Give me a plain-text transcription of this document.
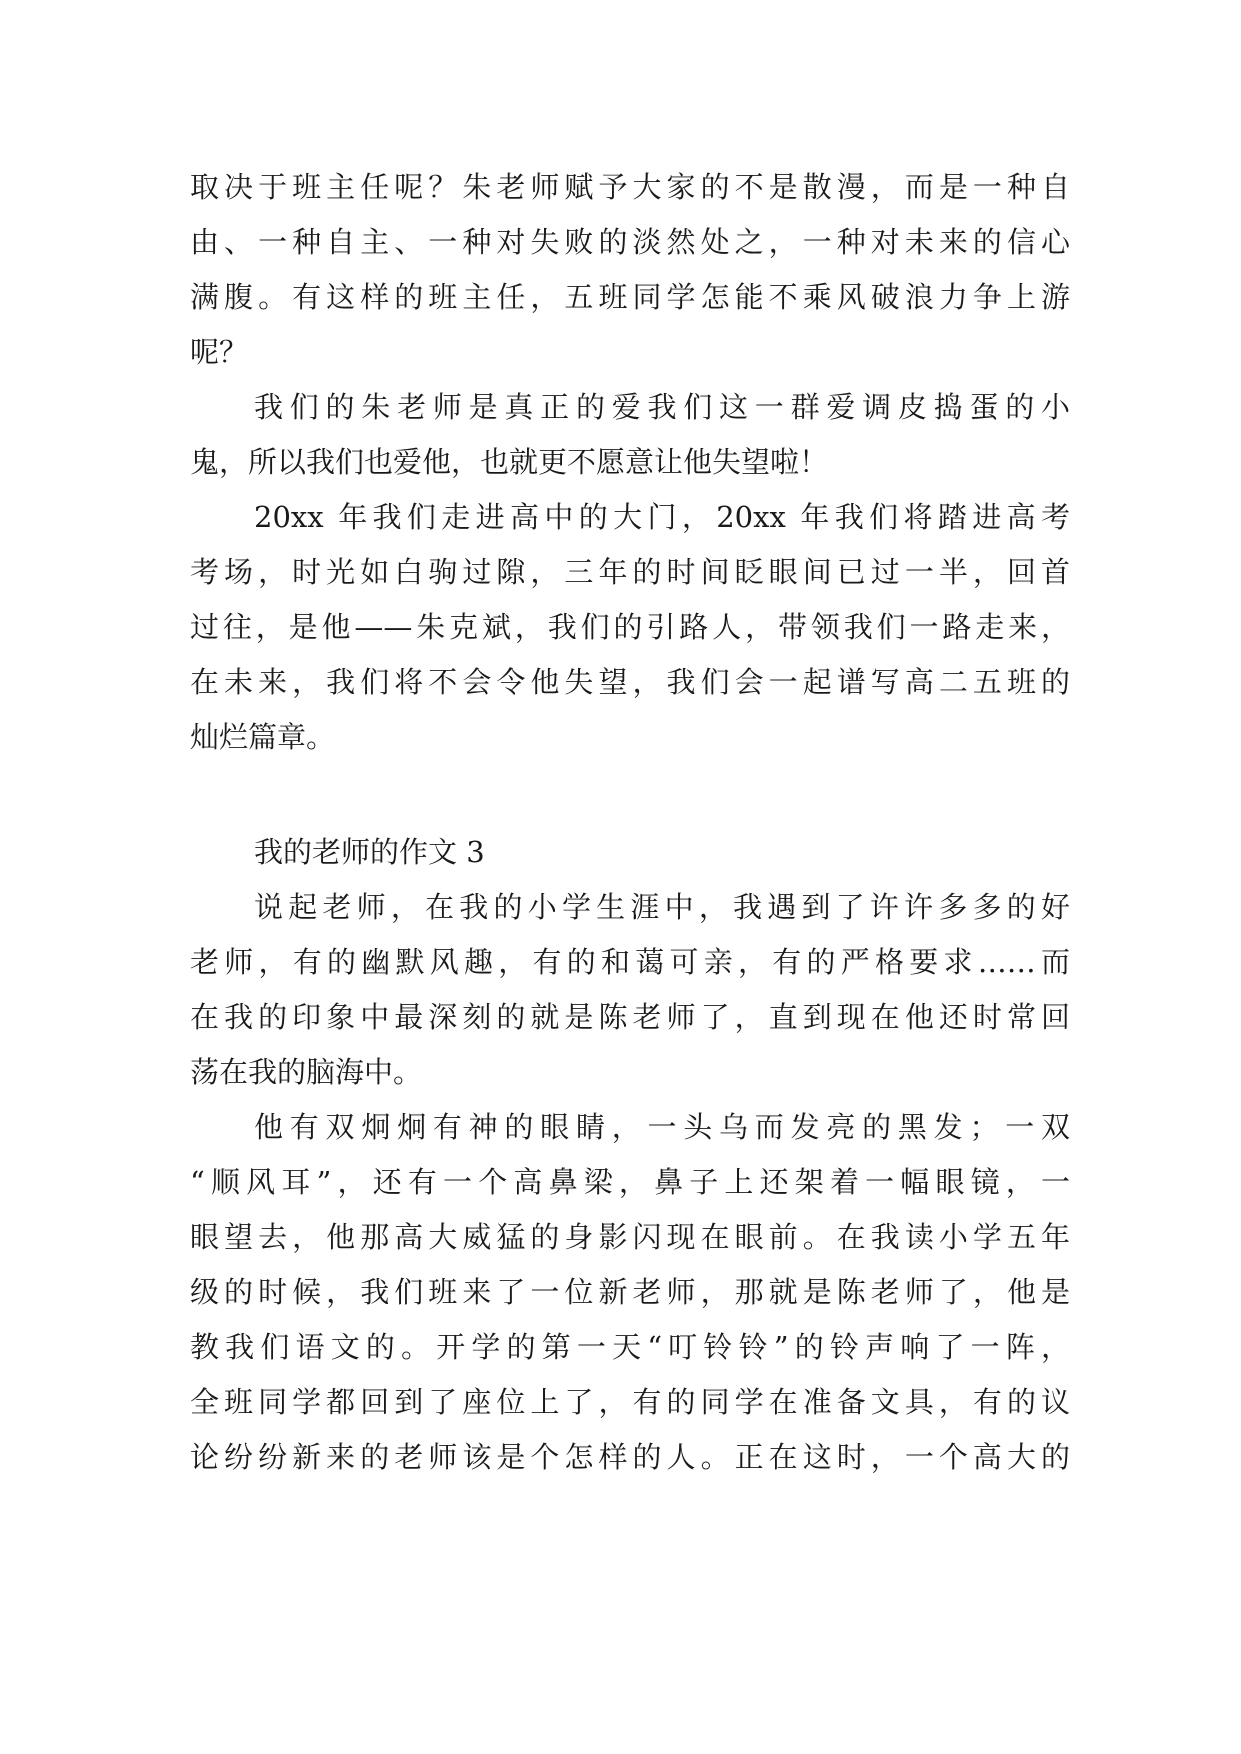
取决于班主任呢？朱老师赋予大家的不是散漫，而是一种自
由、一种自主、一种对失败的淡然处之，一种对未来的信心
满腹。有这样的班主任，五班同学怎能不乘风破浪力争上游
呢？
我们的朱老师是真正的爱我们这一群爱调皮捣蛋的小
鬼，所以我们也爱他，也就更不愿意让他失望啦！
20xx 年我们走进高中的大门，20xx 年我们将踏进高考
考场，时光如白驹过隙，三年的时间眨眼间已过一半，回首
过往，是他——朱克斌，我们的引路人，带领我们一路走来，
在未来，我们将不会令他失望，我们会一起谱写高二五班的
灿烂篇章。
我的老师的作文 3
说起老师，在我的小学生涯中，我遇到了许许多多的好
老师，有的幽默风趣，有的和蔼可亲，有的严格要求……而
在我的印象中最深刻的就是陈老师了，直到现在他还时常回
荡在我的脑海中。
他有双炯炯有神的眼睛，一头乌而发亮的黑发；一双
“顺风耳”，还有一个高鼻梁，鼻子上还架着一幅眼镜，一
眼望去，他那高大威猛的身影闪现在眼前。在我读小学五年
级的时候，我们班来了一位新老师，那就是陈老师了，他是
教我们语文的。开学的第一天“叮铃铃”的铃声响了一阵，
全班同学都回到了座位上了，有的同学在准备文具，有的议
论纷纷新来的老师该是个怎样的人。正在这时，一个高大的
